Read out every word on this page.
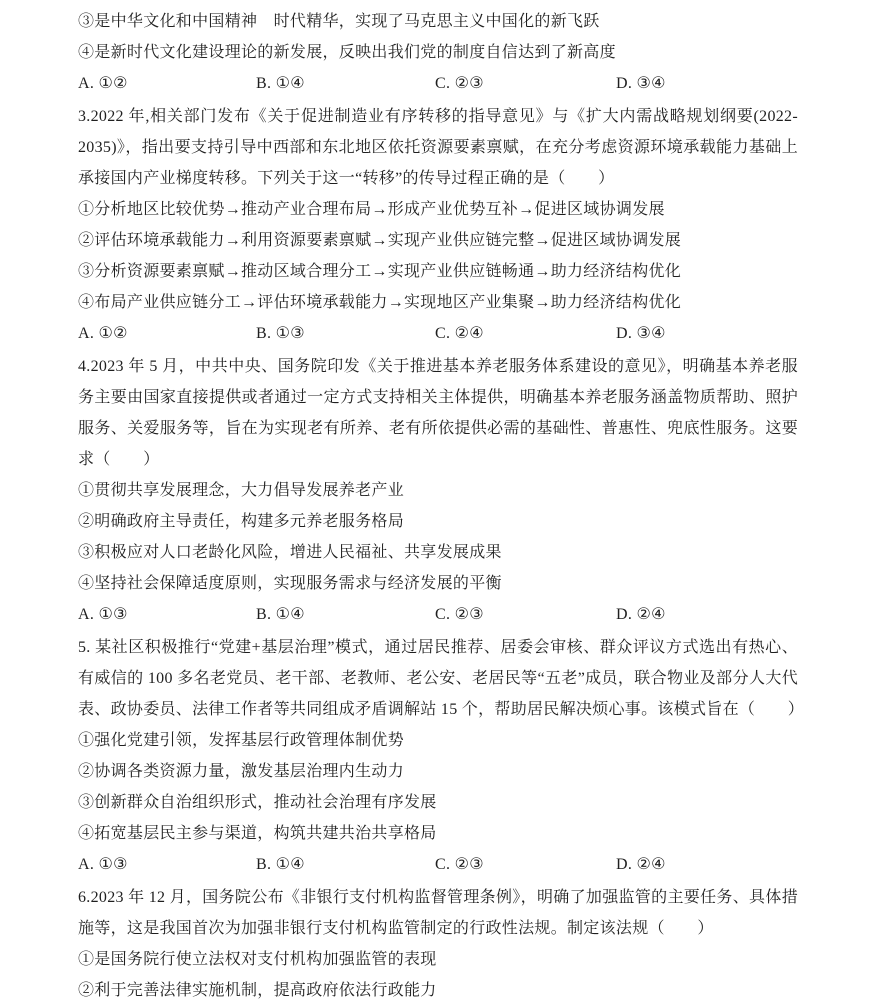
③是中华文化和中国精神　时代精华，实现了马克思主义中国化的新飞跃

④是新时代文化建设理论的新发展，反映出我们党的制度自信达到了新高度

A. ①②	B. ①④	C. ②③	D. ③④

3.2022 年,相关部门发布《关于促进制造业有序转移的指导意见》与《扩大内需战略规划纲要(2022-2035)》，指出要支持引导中西部和东北地区依托资源要素禀赋，在充分考虑资源环境承载能力基础上承接国内产业梯度转移。下列关于这一“转移”的传导过程正确的是（　　）

①分析地区比较优势→推动产业合理布局→形成产业优势互补→促进区域协调发展

②评估环境承载能力→利用资源要素禀赋→实现产业供应链完整→促进区域协调发展

③分析资源要素禀赋→推动区域合理分工→实现产业供应链畅通→助力经济结构优化

④布局产业供应链分工→评估环境承载能力→实现地区产业集聚→助力经济结构优化

A. ①②	B. ①③	C. ②④	D. ③④

4.2023 年 5 月，中共中央、国务院印发《关于推进基本养老服务体系建设的意见》，明确基本养老服务主要由国家直接提供或者通过一定方式支持相关主体提供，明确基本养老服务涵盖物质帮助、照护服务、关爱服务等，旨在为实现老有所养、老有所依提供必需的基础性、普惠性、兜底性服务。这要求（　　）

①贯彻共享发展理念，大力倡导发展养老产业

②明确政府主导责任，构建多元养老服务格局

③积极应对人口老龄化风险，增进人民福祉、共享发展成果

④坚持社会保障适度原则，实现服务需求与经济发展的平衡

A. ①③	B. ①④	C. ②③	D. ②④

5. 某社区积极推行“党建+基层治理”模式，通过居民推荐、居委会审核、群众评议方式选出有热心、有威信的 100 多名老党员、老干部、老教师、老公安、老居民等“五老”成员，联合物业及部分人大代表、政协委员、法律工作者等共同组成矛盾调解站 15 个，帮助居民解决烦心事。该模式旨在（　　）

①强化党建引领，发挥基层行政管理体制优势

②协调各类资源力量，激发基层治理内生动力

③创新群众自治组织形式，推动社会治理有序发展

④拓宽基层民主参与渠道，构筑共建共治共享格局

A. ①③	B. ①④	C. ②③	D. ②④

6.2023 年 12 月，国务院公布《非银行支付机构监督管理条例》，明确了加强监管的主要任务、具体措施等，这是我国首次为加强非银行支付机构监管制定的行政性法规。制定该法规（　　）

①是国务院行使立法权对支付机构加强监管的表现

②利于完善法律实施机制，提高政府依法行政能力
